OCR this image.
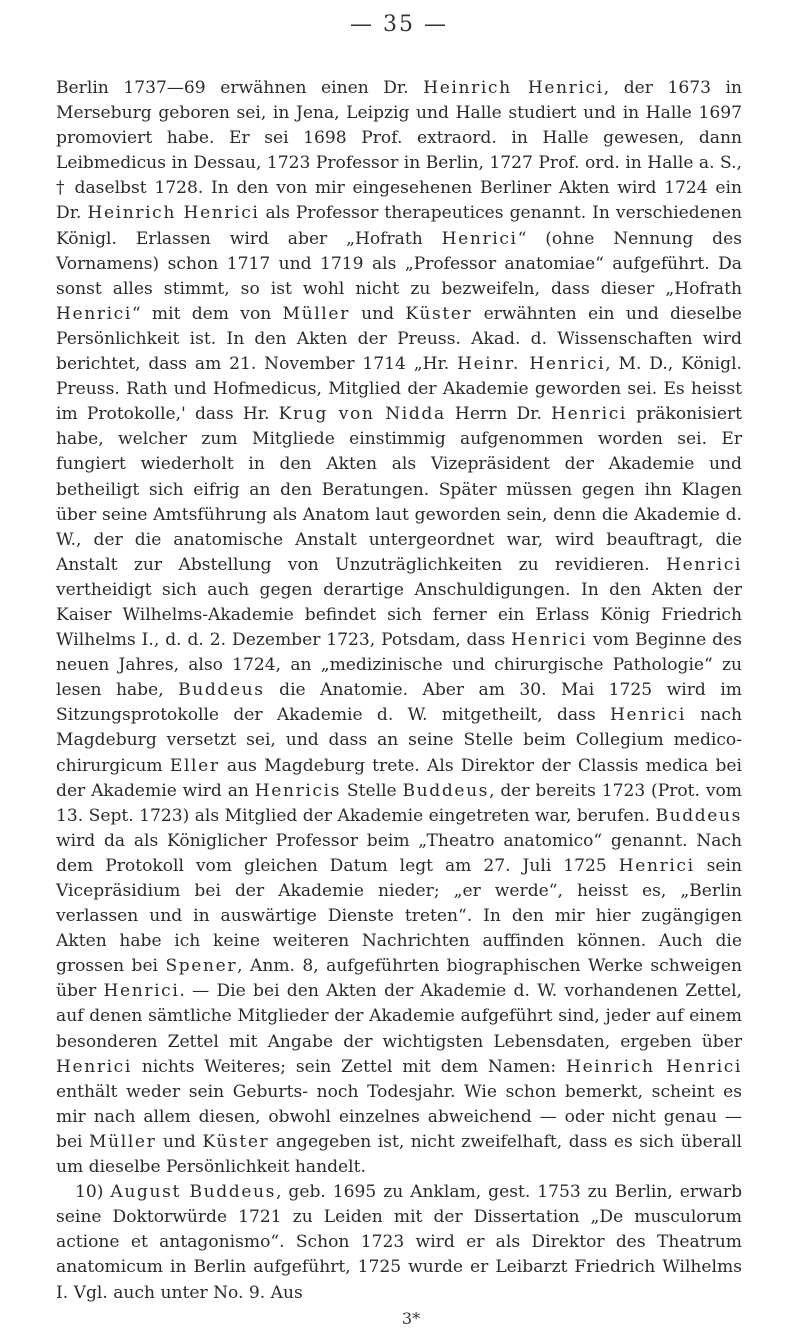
— 35 —

Berlin 1737—69 erwähnen einen Dr. Heinrich Henrici, der 1673 in Merseburg geboren sei, in Jena, Leipzig und Halle studiert und in Halle 1697 promoviert habe. Er sei 1698 Prof. extraord. in Halle gewesen, dann Leibmedicus in Dessau, 1723 Professor in Berlin, 1727 Prof. ord. in Halle a. S., † daselbst 1728. In den von mir eingesehenen Berliner Akten wird 1724 ein Dr. Heinrich Henrici als Professor therapeutices genannt. In verschiedenen Königl. Erlassen wird aber „Hofrath Henrici“ (ohne Nennung des Vornamens) schon 1717 und 1719 als „Professor anatomiae“ aufgeführt. Da sonst alles stimmt, so ist wohl nicht zu bezweifeln, dass dieser „Hofrath Henrici“ mit dem von Müller und Küster erwähnten ein und dieselbe Persönlichkeit ist. In den Akten der Preuss. Akad. d. Wissenschaften wird berichtet, dass am 21. November 1714 „Hr. Heinr. Henrici, M. D., Königl. Preuss. Rath und Hofmedicus, Mitglied der Akademie geworden sei. Es heisst im Protokolle,' dass Hr. Krug von Nidda Herrn Dr. Henrici präkonisiert habe, welcher zum Mitgliede einstimmig aufgenommen worden sei. Er fungiert wiederholt in den Akten als Vizepräsident der Akademie und betheiligt sich eifrig an den Beratungen. Später müssen gegen ihn Klagen über seine Amtsführung als Anatom laut geworden sein, denn die Akademie d. W., der die anatomische Anstalt untergeordnet war, wird beauftragt, die Anstalt zur Abstellung von Unzuträglichkeiten zu revidieren. Henrici vertheidigt sich auch gegen derartige Anschuldigungen. In den Akten der Kaiser Wilhelms-Akademie befindet sich ferner ein Erlass König Friedrich Wilhelms I., d. d. 2. Dezember 1723, Potsdam, dass Henrici vom Beginne des neuen Jahres, also 1724, an „medizinische und chirurgische Pathologie“ zu lesen habe, Buddeus die Anatomie. Aber am 30. Mai 1725 wird im Sitzungsprotokolle der Akademie d. W. mitgetheilt, dass Henrici nach Magdeburg versetzt sei, und dass an seine Stelle beim Collegium medico-chirurgicum Eller aus Magdeburg trete. Als Direktor der Classis medica bei der Akademie wird an Henricis Stelle Buddeus, der bereits 1723 (Prot. vom 13. Sept. 1723) als Mitglied der Akademie eingetreten war, berufen. Buddeus wird da als Königlicher Professor beim „Theatro anatomico“ genannt. Nach dem Protokoll vom gleichen Datum legt am 27. Juli 1725 Henrici sein Vicepräsidium bei der Akademie nieder; „er werde“, heisst es, „Berlin verlassen und in auswärtige Dienste treten“. In den mir hier zugängigen Akten habe ich keine weiteren Nachrichten auffinden können. Auch die grossen bei Spener, Anm. 8, aufgeführten biographischen Werke schweigen über Henrici. — Die bei den Akten der Akademie d. W. vorhandenen Zettel, auf denen sämtliche Mitglieder der Akademie aufgeführt sind, jeder auf einem besonderen Zettel mit Angabe der wichtigsten Lebensdaten, ergeben über Henrici nichts Weiteres; sein Zettel mit dem Namen: Heinrich Henrici enthält weder sein Geburts- noch Todesjahr. Wie schon bemerkt, scheint es mir nach allem diesen, obwohl einzelnes abweichend — oder nicht genau — bei Müller und Küster angegeben ist, nicht zweifelhaft, dass es sich überall um dieselbe Persönlichkeit handelt.

10) August Buddeus, geb. 1695 zu Anklam, gest. 1753 zu Berlin, erwarb seine Doktorwürde 1721 zu Leiden mit der Dissertation „De musculorum actione et antagonismo“. Schon 1723 wird er als Direktor des Theatrum anatomicum in Berlin aufgeführt, 1725 wurde er Leibarzt Friedrich Wilhelms I. Vgl. auch unter No. 9. Aus

3*
